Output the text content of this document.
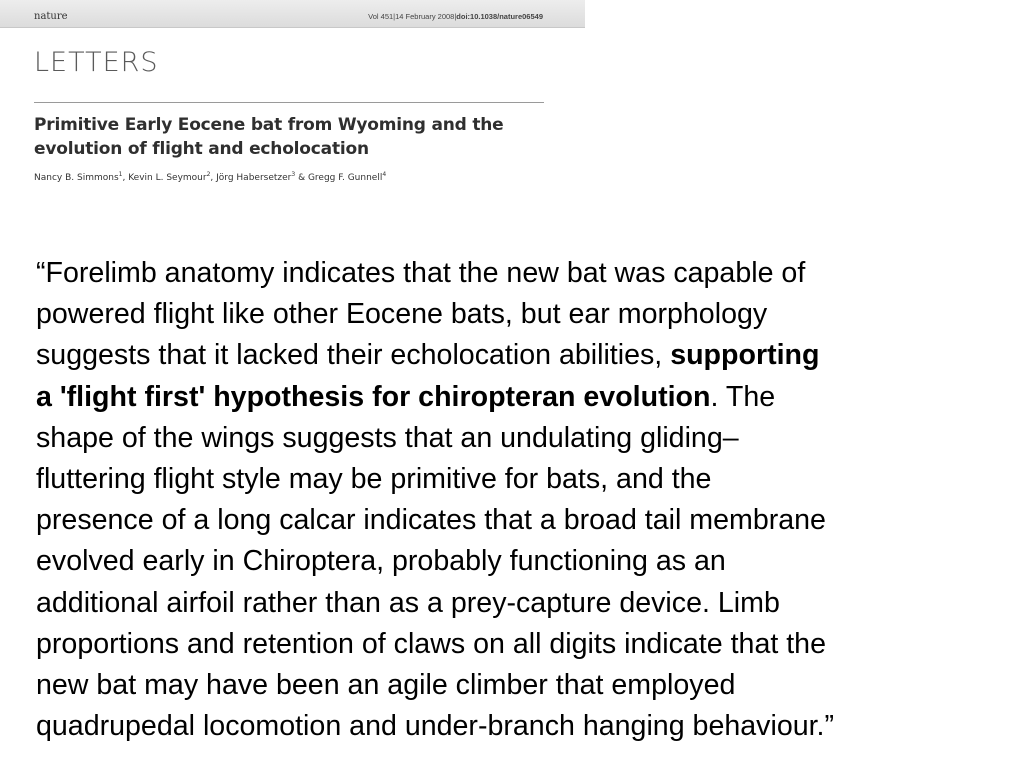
nature	Vol 451|14 February 2008|doi:10.1038/nature06549
LETTERS
Primitive Early Eocene bat from Wyoming and the
evolution of flight and echolocation
Nancy B. Simmons$^1$, Kevin L. Seymour$^2$, Jörg Habersetzer$^3$ & Gregg F. Gunnell$^4$

“Forelimb anatomy indicates that the new bat was capable of
powered flight like other Eocene bats, but ear morphology
suggests that it lacked their echolocation abilities, supporting
a 'flight first' hypothesis for chiropteran evolution. The
shape of the wings suggests that an undulating gliding–
fluttering flight style may be primitive for bats, and the
presence of a long calcar indicates that a broad tail membrane
evolved early in Chiroptera, probably functioning as an
additional airfoil rather than as a prey-capture device. Limb
proportions and retention of claws on all digits indicate that the
new bat may have been an agile climber that employed
quadrupedal locomotion and under-branch hanging behaviour.”
